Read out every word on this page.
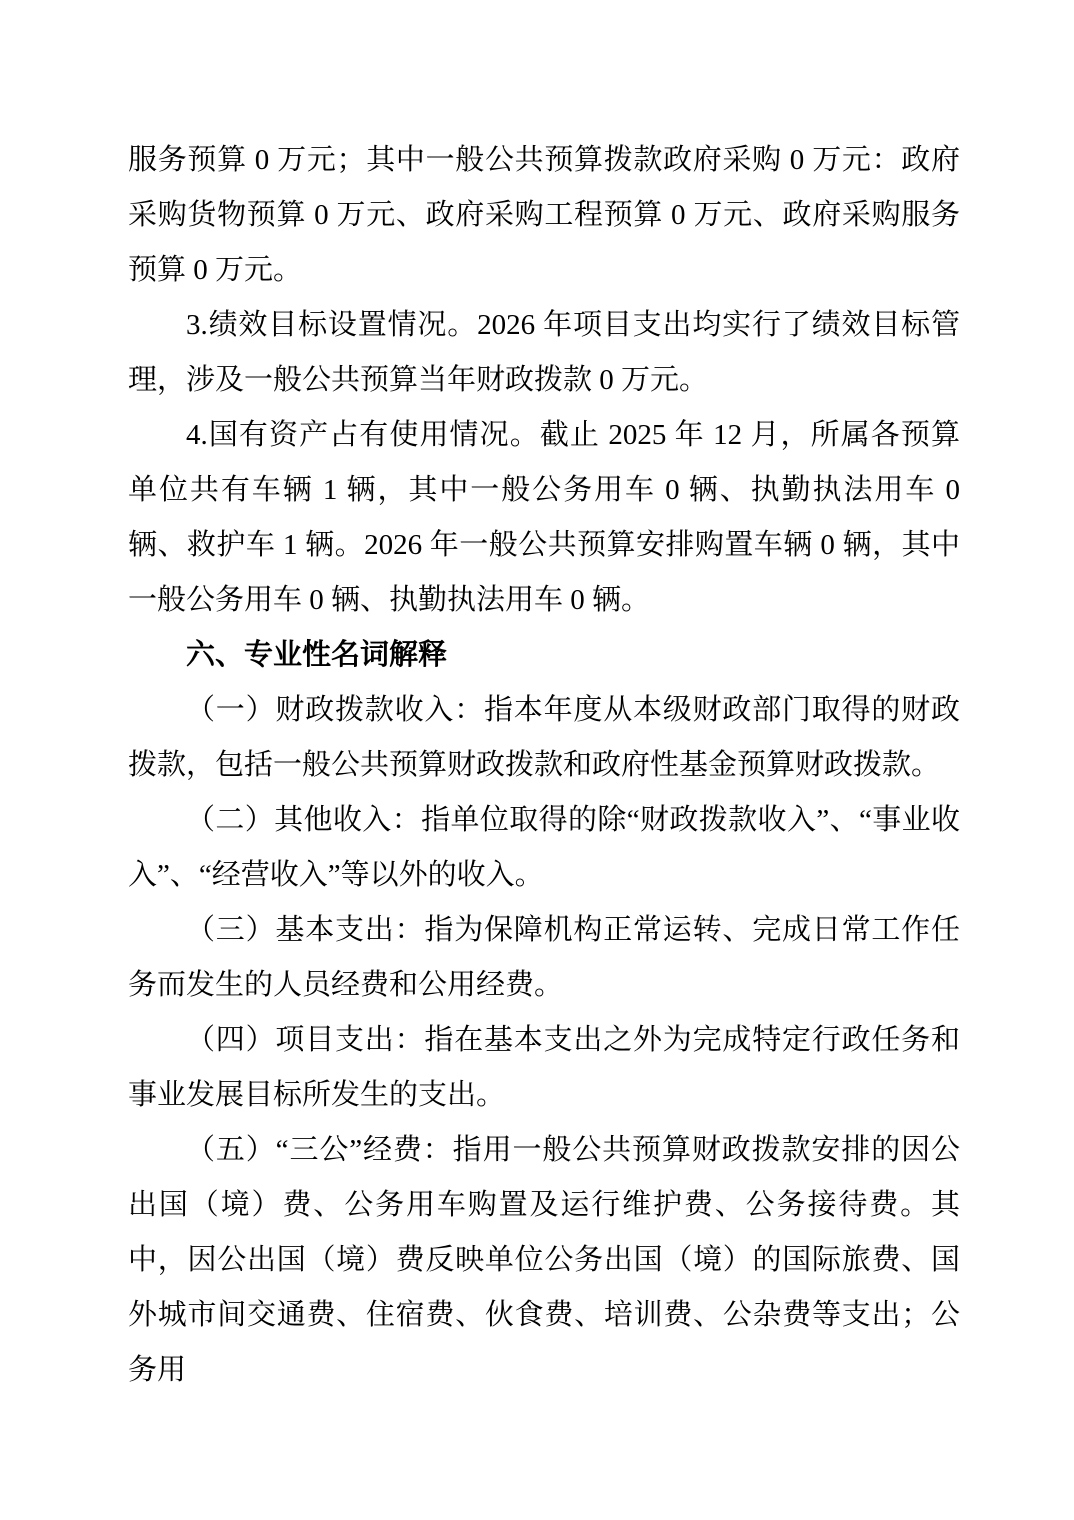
服务预算 0 万元；其中一般公共预算拨款政府采购 0 万元：政府采购货物预算 0 万元、政府采购工程预算 0 万元、政府采购服务预算 0 万元。

3.绩效目标设置情况。2026 年项目支出均实行了绩效目标管理，涉及一般公共预算当年财政拨款 0 万元。

4.国有资产占有使用情况。截止 2025 年 12 月，所属各预算单位共有车辆 1 辆，其中一般公务用车 0 辆、执勤执法用车 0 辆、救护车 1 辆。2026 年一般公共预算安排购置车辆 0 辆，其中一般公务用车 0 辆、执勤执法用车 0 辆。

六、专业性名词解释

（一）财政拨款收入：指本年度从本级财政部门取得的财政拨款，包括一般公共预算财政拨款和政府性基金预算财政拨款。

（二）其他收入：指单位取得的除“财政拨款收入”、“事业收入”、“经营收入”等以外的收入。

（三）基本支出：指为保障机构正常运转、完成日常工作任务而发生的人员经费和公用经费。

（四）项目支出：指在基本支出之外为完成特定行政任务和事业发展目标所发生的支出。

（五）“三公”经费：指用一般公共预算财政拨款安排的因公出国（境）费、公务用车购置及运行维护费、公务接待费。其中，因公出国（境）费反映单位公务出国（境）的国际旅费、国外城市间交通费、住宿费、伙食费、培训费、公杂费等支出；公务用
